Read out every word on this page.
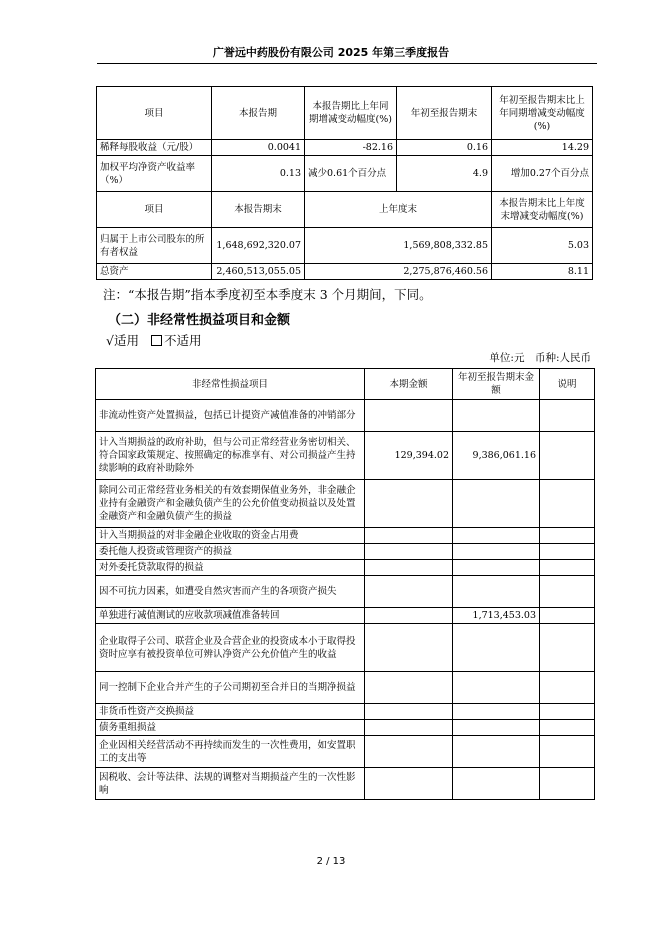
广誉远中药股份有限公司 2025 年第三季度报告
项目	本报告期	本报告期比上年同期增减变动幅度(%)	年初至报告期末	年初至报告期末比上年同期增减变动幅度(%)
稀释每股收益（元/股）	0.0041	-82.16	0.16	14.29
加权平均净资产收益率（%）	0.13	减少0.61个百分点	4.9	增加0.27个百分点
项目	本报告期末	上年度末		本报告期末比上年度末增减变动幅度(%)
归属于上市公司股东的所有者权益	1,648,692,320.07	1,569,808,332.85		5.03
总资产	2,460,513,055.05	2,275,876,460.56		8.11
注：“本报告期”指本季度初至本季度末 3 个月期间，下同。
（二）非经常性损益项目和金额
√适用 不适用
单位:元　币种:人民币
非经常性损益项目	本期金额	年初至报告期末金额	说明
非流动性资产处置损益，包括已计提资产减值准备的冲销部分			
计入当期损益的政府补助，但与公司正常经营业务密切相关、符合国家政策规定、按照确定的标准享有、对公司损益产生持续影响的政府补助除外	129,394.02	9,386,061.16	
除同公司正常经营业务相关的有效套期保值业务外，非金融企业持有金融资产和金融负债产生的公允价值变动损益以及处置金融资产和金融负债产生的损益			
计入当期损益的对非金融企业收取的资金占用费			
委托他人投资或管理资产的损益			
对外委托贷款取得的损益			
因不可抗力因素，如遭受自然灾害而产生的各项资产损失			
单独进行减值测试的应收款项减值准备转回		1,713,453.03	
企业取得子公司、联营企业及合营企业的投资成本小于取得投资时应享有被投资单位可辨认净资产公允价值产生的收益			
同一控制下企业合并产生的子公司期初至合并日的当期净损益			
非货币性资产交换损益			
债务重组损益			
企业因相关经营活动不再持续而发生的一次性费用，如安置职工的支出等			
因税收、会计等法律、法规的调整对当期损益产生的一次性影响			
2 / 13
